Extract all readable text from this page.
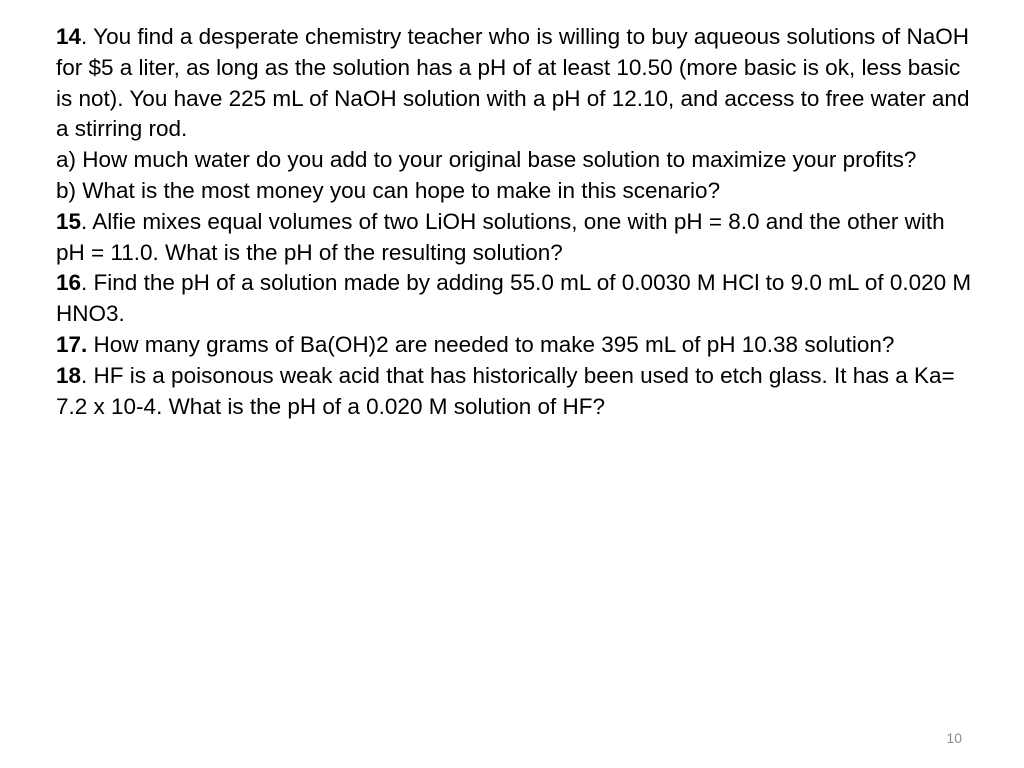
14. You find a desperate chemistry teacher who is willing to buy aqueous solutions of NaOH for $5 a liter, as long as the solution has a pH of at least 10.50 (more basic is ok, less basic is not). You have 225 mL of NaOH solution with a pH of 12.10, and access to free water and a stirring rod.

a) How much water do you add to your original base solution to maximize your profits?

b) What is the most money you can hope to make in this scenario?

15. Alfie mixes equal volumes of two LiOH solutions, one with pH = 8.0 and the other with pH = 11.0. What is the pH of the resulting solution?

16. Find the pH of a solution made by adding 55.0 mL of 0.0030 M HCl to 9.0 mL of 0.020 M HNO3.

17. How many grams of Ba(OH)2 are needed to make 395 mL of pH 10.38 solution?

18. HF is a poisonous weak acid that has historically been used to etch glass. It has a Ka= 7.2 x 10-4. What is the pH of a 0.020 M solution of HF?

10
